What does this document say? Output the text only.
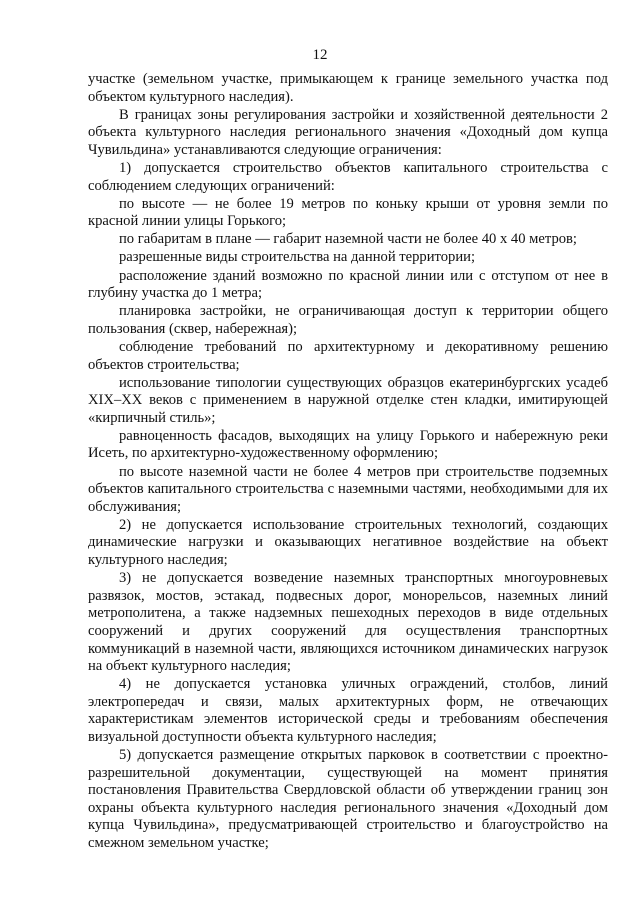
12

участке (земельном участке, примыкающем к границе земельного участка под объектом культурного наследия).

В границах зоны регулирования застройки и хозяйственной деятельности 2 объекта культурного наследия регионального значения «Доходный дом купца Чувильдина» устанавливаются следующие ограничения:

1) допускается строительство объектов капитального строительства с соблюдением следующих ограничений:

по высоте — не более 19 метров по коньку крыши от уровня земли по красной линии улицы Горького;

по габаритам в плане — габарит наземной части не более 40 х 40 метров;

разрешенные виды строительства на данной территории;

расположение зданий возможно по красной линии или с отступом от нее в глубину участка до 1 метра;

планировка застройки, не ограничивающая доступ к территории общего пользования (сквер, набережная);

соблюдение требований по архитектурному и декоративному решению объектов строительства;

использование типологии существующих образцов екатеринбургских усадеб XIX–XX веков с применением в наружной отделке стен кладки, имитирующей «кирпичный стиль»;

равноценность фасадов, выходящих на улицу Горького и набережную реки Исеть, по архитектурно-художественному оформлению;

по высоте наземной части не более 4 метров при строительстве подземных объектов капитального строительства с наземными частями, необходимыми для их обслуживания;

2) не допускается использование строительных технологий, создающих динамические нагрузки и оказывающих негативное воздействие на объект культурного наследия;

3) не допускается возведение наземных транспортных многоуровневых развязок, мостов, эстакад, подвесных дорог, монорельсов, наземных линий метрополитена, а также надземных пешеходных переходов в виде отдельных сооружений и других сооружений для осуществления транспортных коммуникаций в наземной части, являющихся источником динамических нагрузок на объект культурного наследия;

4) не допускается установка уличных ограждений, столбов, линий электропередач и связи, малых архитектурных форм, не отвечающих характеристикам элементов исторической среды и требованиям обеспечения визуальной доступности объекта культурного наследия;

5) допускается размещение открытых парковок в соответствии с проектно-разрешительной документации, существующей на момент принятия постановления Правительства Свердловской области об утверждении границ зон охраны объекта культурного наследия регионального значения «Доходный дом купца Чувильдина», предусматривающей строительство и благоустройство на смежном земельном участке;
